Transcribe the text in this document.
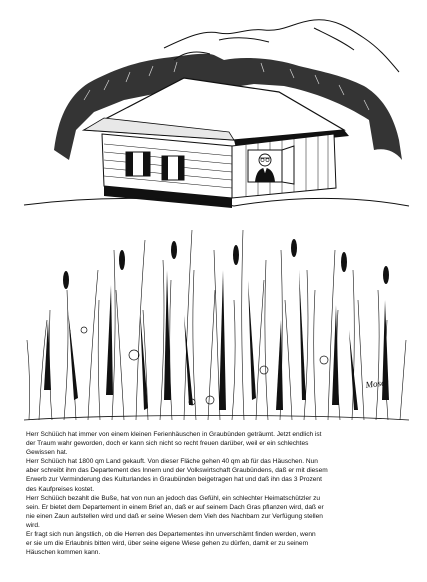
Moser

Herr Schüüch hat immer von einem kleinen Ferienhäuschen in Graubünden geträumt. Jetzt endlich ist
der Traum wahr geworden, doch er kann sich nicht so recht freuen darüber, weil er ein schlechtes
Gewissen hat.

Herr Schüüch hat 1800 qm Land gekauft. Von dieser Fläche gehen 40 qm ab für das Häuschen. Nun
aber schreibt ihm das Departement des Innern und der Volkswirtschaft Graubündens, daß er mit diesem
Erwerb zur Verminderung des Kulturlandes in Graubünden beigetragen hat und daß ihn das 3 Prozent
des Kaufpreises kostet.

Herr Schüüch bezahlt die Buße, hat von nun an jedoch das Gefühl, ein schlechter Heimatschützler zu
sein. Er bietet dem Departement in einem Brief an, daß er auf seinem Dach Gras pflanzen wird, daß er
nie einen Zaun aufstellen wird und daß er seine Wiesen dem Vieh des Nachbarn zur Verfügung stellen
wird.

Er fragt sich nun ängstlich, ob die Herren des Departementes ihn unverschämt finden werden, wenn
er sie um die Erlaubnis bitten wird, über seine eigene Wiese gehen zu dürfen, damit er zu seinem
Häuschen kommen kann.
